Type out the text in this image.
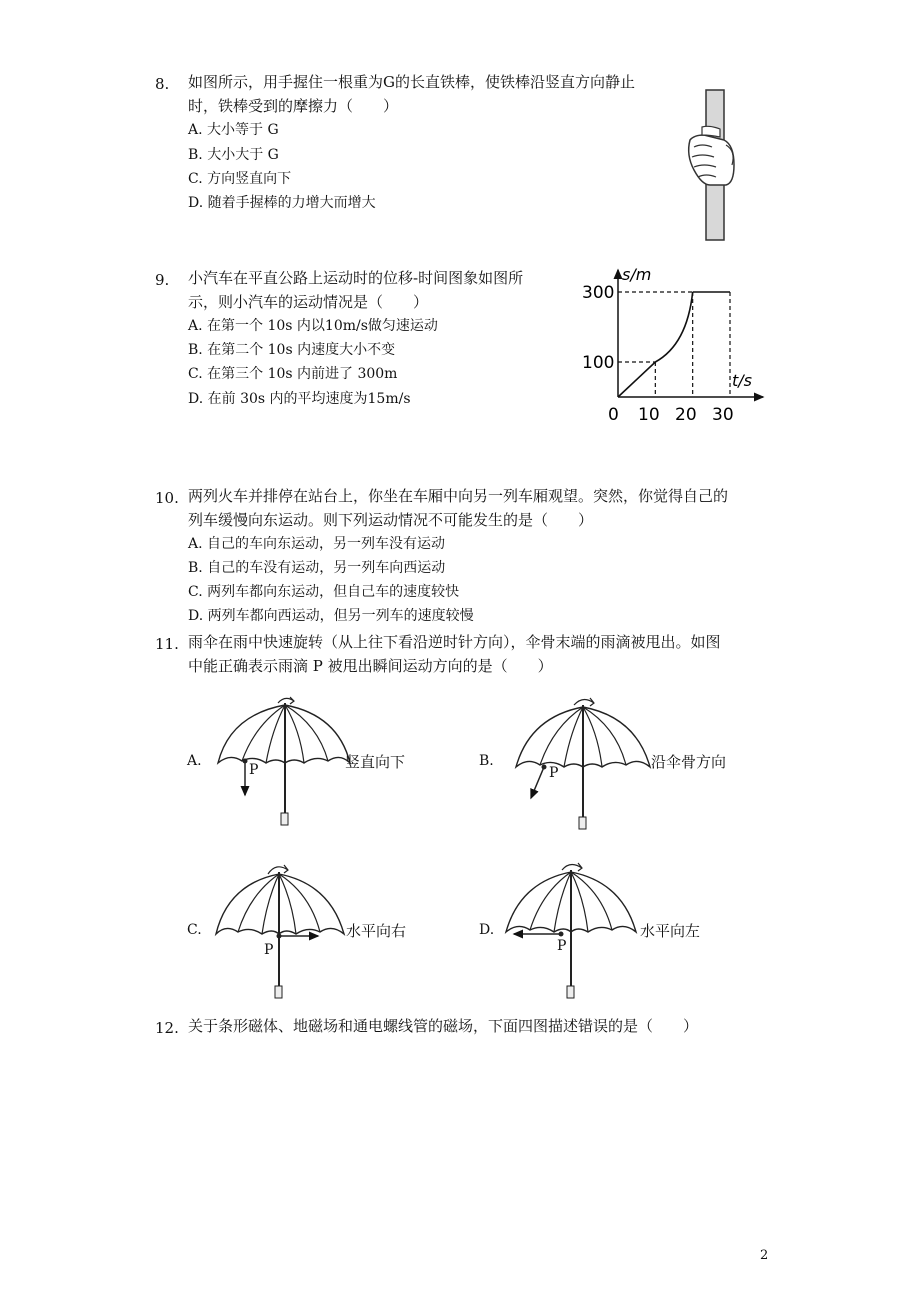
8. 如图所示，用手握住一根重为G的长直铁棒，使铁棒沿竖直方向静止
时，铁棒受到的摩擦力（　　）
A. 大小等于 G
B. 大小大于 G
C. 方向竖直向下
D. 随着手握棒的力增大而增大
9. 小汽车在平直公路上运动时的位移-时间图象如图所
示，则小汽车的运动情况是（　　）
A. 在第一个 10s 内以10m/s做匀速运动
B. 在第二个 10s 内速度大小不变
C. 在第三个 10s 内前进了 300m
D. 在前 30s 内的平均速度为15m/s
s/m
t/s
0 10 20 30
100
300
10. 两列火车并排停在站台上，你坐在车厢中向另一列车厢观望。突然，你觉得自己的
列车缓慢向东运动。则下列运动情况不可能发生的是（　　）
A. 自己的车向东运动，另一列车没有运动
B. 自己的车没有运动，另一列车向西运动
C. 两列车都向东运动，但自己车的速度较快
D. 两列车都向西运动，但另一列车的速度较慢
11. 雨伞在雨中快速旋转（从上往下看沿逆时针方向），伞骨末端的雨滴被甩出。如图
中能正确表示雨滴 P 被甩出瞬间运动方向的是（　　）
A.
P	竖直向下	B.
P
沿伞骨方向
C.
P
水平向右	D.
P
水平向左
12. 关于条形磁体、地磁场和通电螺线管的磁场，下面四图描述错误的是（　　）
2
